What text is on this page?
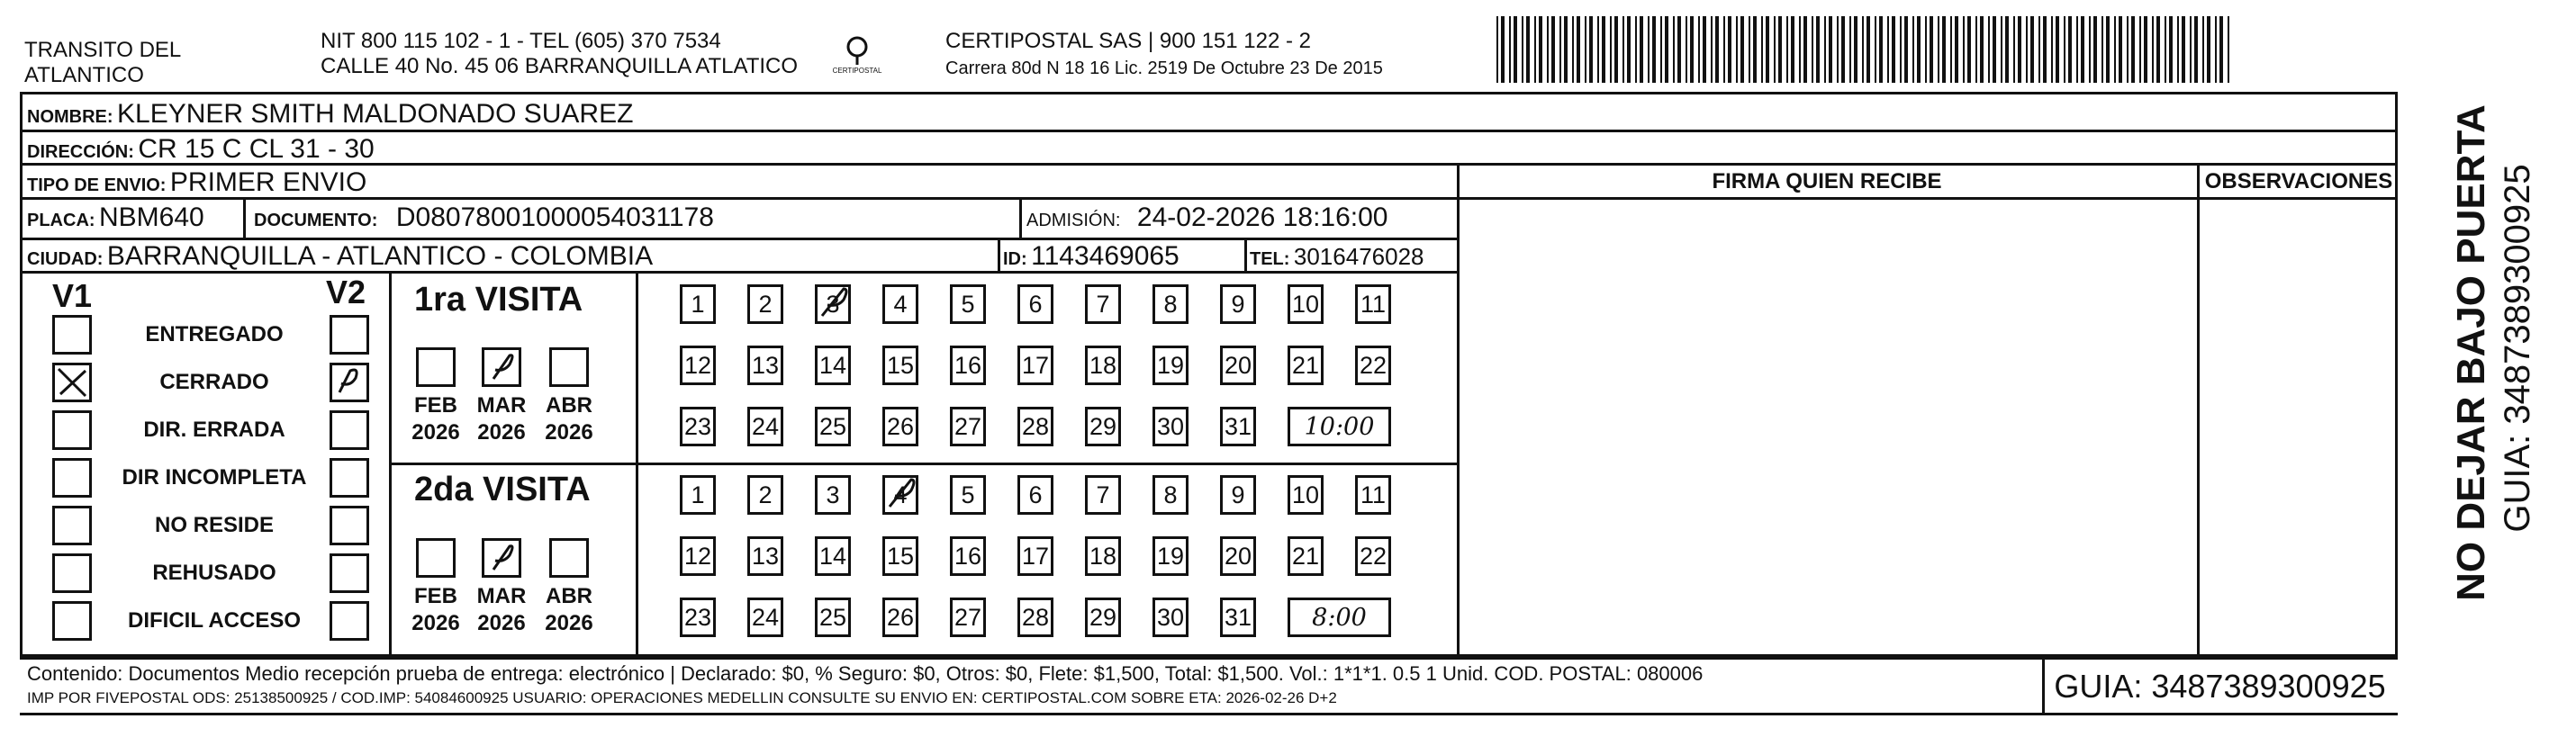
TRANSITO DEL
ATLANTICO
NIT 800 115 102 - 1 - TEL (605) 370 7534
CALLE 40 No. 45 06 BARRANQUILLA ATLATICO	CERTIPOSTAL
CERTIPOSTAL SAS | 900 151 122 - 2
Carrera 80d N 18 16 Lic. 2519 De Octubre 23 De 2015
NOMBRE: KLEYNER SMITH MALDONADO SUAREZ
DIRECCIÓN: CR 15 C CL 31 - 30
TIPO DE ENVIO: PRIMER ENVIO	FIRMA QUIEN RECIBE	OBSERVACIONES
PLACA: NBM640	DOCUMENTO: D08078001000054031178	ADMISIÓN: 24-02-2026 18:16:00
CIUDAD: BARRANQUILLA - ATLANTICO - COLOMBIA	ID: 1143469065	TEL: 3016476028
V1	V2
ENTREGADO
CERRADO
DIR. ERRADA
DIR INCOMPLETA
NO RESIDE
REHUSADO
DIFICIL ACCESO
1ra VISITA
2da VISITA
FEB
2026
MAR
2026
ABR
2026
1	2	3	4	5	6	7	8	9	10 11
12 13 14 15 16 17 18 19 20 21 22
23 24 25 26 27 28 29 30 31	10:00
FEB
2026
MAR
2026
ABR
2026
1	2	3	4	5	6	7	8	9	10 11
12 13 14 15 16 17 18 19 20 21 22
23 24 25 26 27 28 29 30 31	8:00
Contenido: Documentos Medio recepción prueba de entrega: electrónico | Declarado: $0, % Seguro: $0, Otros: $0, Flete: $1,500, Total: $1,500. Vol.: 1*1*1. 0.5 1 Unid. COD. POSTAL: 080006
IMP POR FIVEPOSTAL ODS: 25138500925 / COD.IMP: 54084600925 USUARIO: OPERACIONES MEDELLIN CONSULTE SU ENVIO EN: CERTIPOSTAL.COM SOBRE ETA: 2026-02-26 D+2	GUIA: 3487389300925
NO DEJAR BAJO PUERTA GUIA: 3487389300925
